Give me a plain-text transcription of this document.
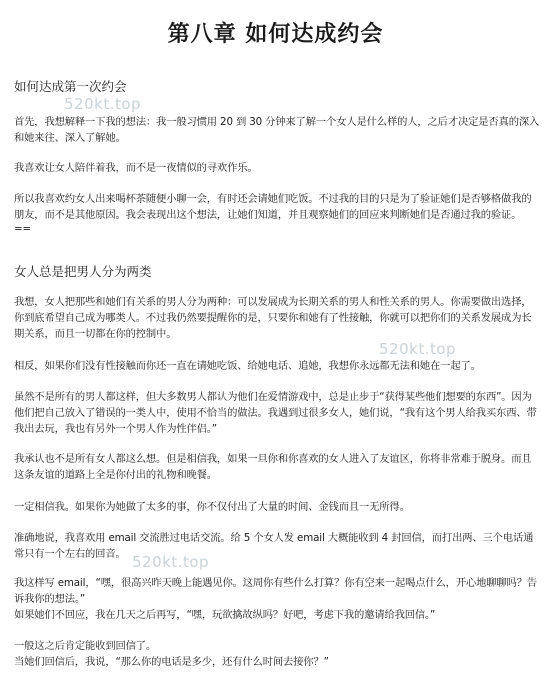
第八章 如何达成约会
如何达成第一次约会
520kt.top

首先，我想解释一下我的想法：我一般习惯用 20 到 30 分钟来了解一个女人是什么样的人，之后才决定是否真的深入和她来往、深入了解她。

我喜欢让女人陪伴着我，而不是一夜情似的寻欢作乐。

所以我喜欢约女人出来喝杯茶随便小聊一会，有时还会请她们吃饭。不过我的目的只是为了验证她们是否够格做我的朋友，而不是其他原因。我会表现出这个想法，让她们知道，并且观察她们的回应来判断她们是否通过我的验证。

==

女人总是把男人分为两类

我想，女人把那些和她们有关系的男人分为两种：可以发展成为长期关系的男人和性关系的男人。你需要做出选择，你到底希望自己成为哪类人。不过我仍然要提醒你的是，只要你和她有了性接触，你就可以把你们的关系发展成为长期关系，而且一切都在你的控制中。

520kt.top

相反，如果你们没有性接触而你还一直在请她吃饭、给她电话、追她，我想你永远都无法和她在一起了。

虽然不是所有的男人都这样，但大多数男人都认为他们在爱情游戏中，总是止步于“获得某些他们想要的东西”。因为他们把自己放入了错误的一类人中，使用不恰当的做法。我遇到过很多女人，她们说，“我有这个男人给我买东西、带我出去玩，我也有另外一个男人作为性伴侣。”

我承认也不是所有女人都这么想。但是相信我，如果一旦你和你喜欢的女人进入了友谊区，你将非常难于脱身。而且这条友谊的道路上全是你付出的礼物和晚餐。

一定相信我。如果你为她做了太多的事，你不仅付出了大量的时间、金钱而且一无所得。

准确地说，我喜欢用 email 交流胜过电话交流。给 5 个女人发 email 大概能收到 4 封回信，而打出两、三个电话通常只有一个左右的回音。 520kt.top

我这样写 email，“嘿，很高兴昨天晚上能遇见你。这周你有些什么打算？你有空来一起喝点什么，开心地聊聊吗？告诉我你的想法。”

如果她们不回应，我在几天之后再写，“嘿，玩欲擒故纵吗？好吧，考虑下我的邀请给我回信。”

一般这之后肯定能收到回信了。

当她们回信后，我说，“那么你的电话是多少，还有什么时间去接你？”
